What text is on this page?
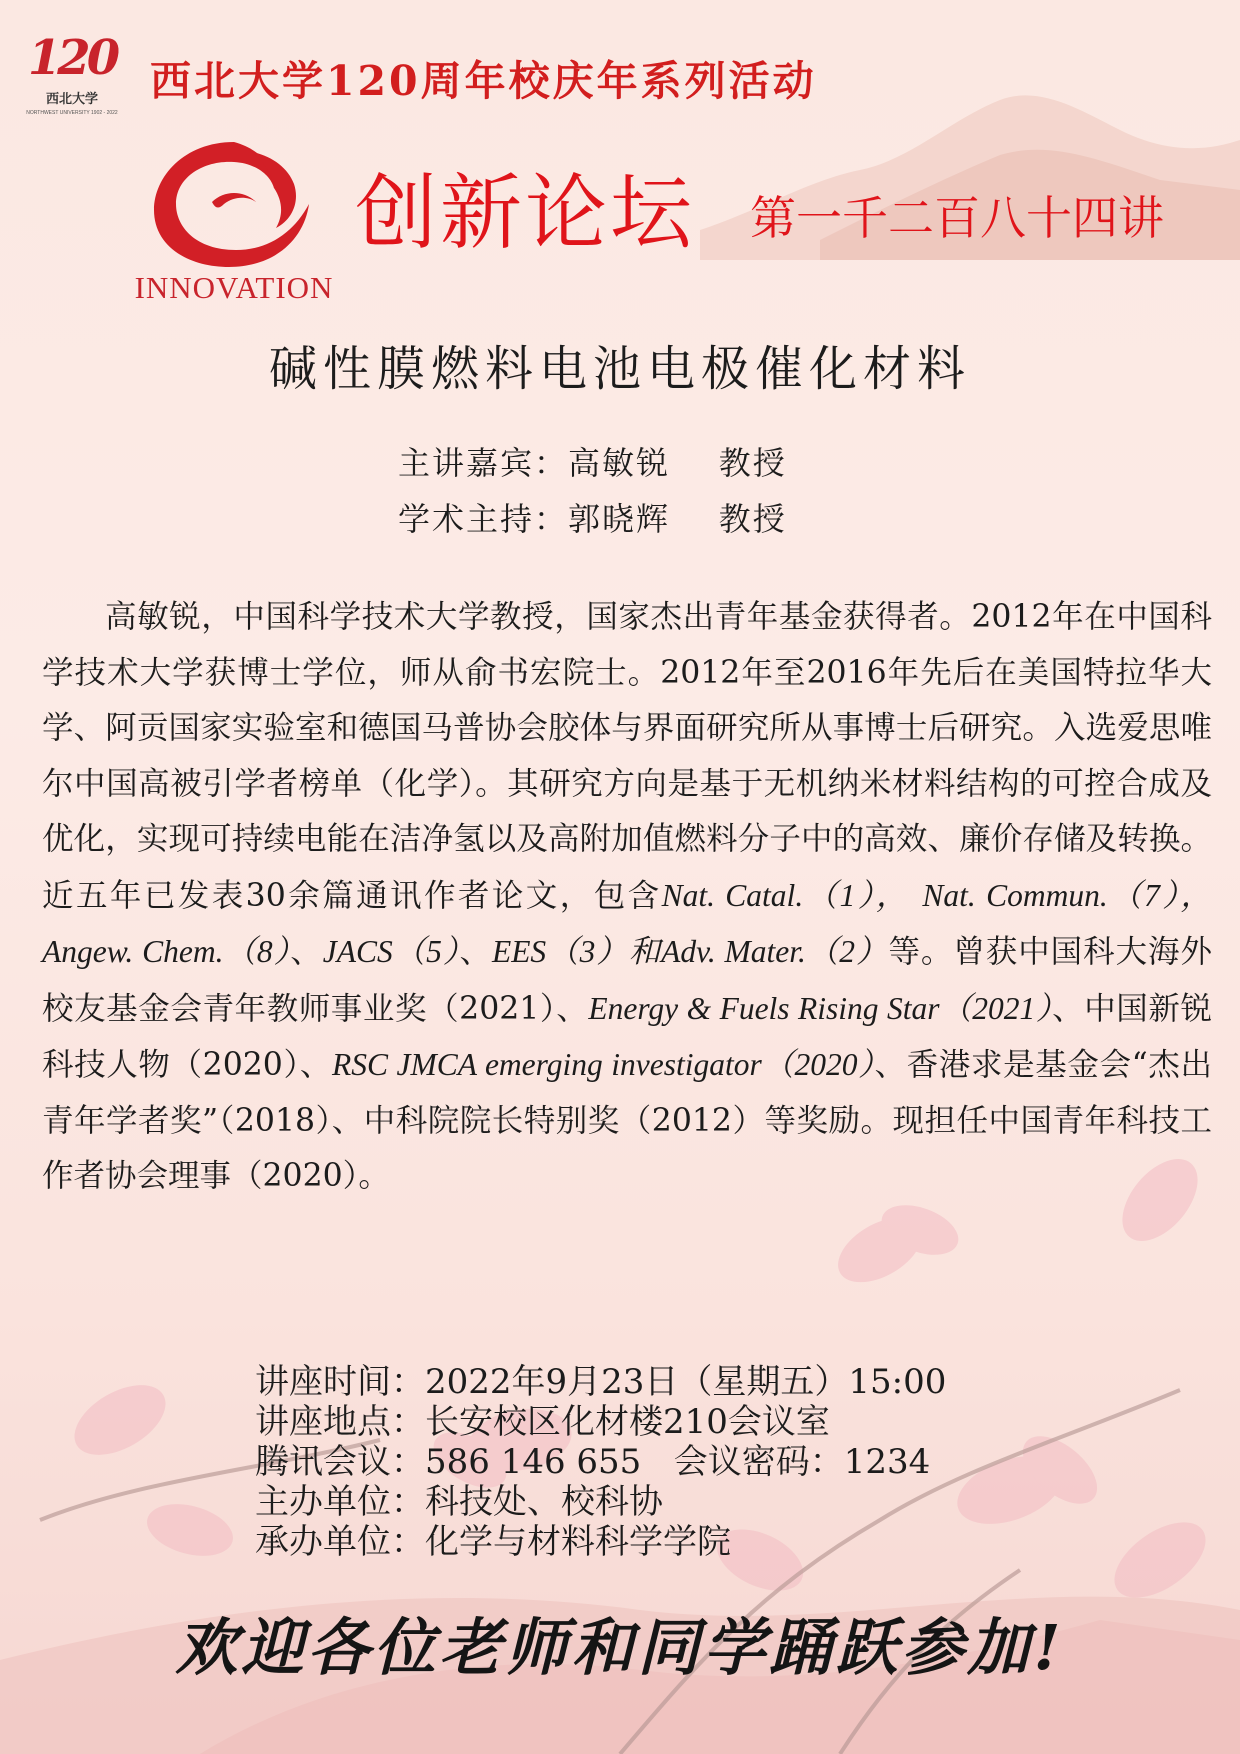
120
西北大学
NORTHWEST UNIVERSITY 1902 - 2022
西北大学120周年校庆年系列活动
INNOVATION
创新论坛 第一千二百八十四讲
碱性膜燃料电池电极催化材料
主讲嘉宾：高敏锐 教授
学术主持：郭晓辉 教授

高敏锐，中国科学技术大学教授，国家杰出青年基金获得者。2012年在中国科学技术大学获博士学位，师从俞书宏院士。2012年至2016年先后在美国特拉华大学、阿贡国家实验室和德国马普协会胶体与界面研究所从事博士后研究。入选爱思唯尔中国高被引学者榜单（化学）。其研究方向是基于无机纳米材料结构的可控合成及优化，实现可持续电能在洁净氢以及高附加值燃料分子中的高效、廉价存储及转换。近五年已发表30余篇通讯作者论文，包含Nat. Catal.（1）， Nat. Commun.（7）， Angew. Chem.（8）、JACS（5）、EES（3）和Adv. Mater.（2）等。曾获中国科大海外校友基金会青年教师事业奖（2021）、Energy & Fuels Rising Star（2021）、中国新锐科技人物（2020）、RSC JMCA emerging investigator（2020）、香港求是基金会“杰出青年学者奖”（2018）、中科院院长特别奖（2012）等奖励。现担任中国青年科技工作者协会理事（2020）。

讲座时间：2022年9月23日（星期五）15:00
讲座地点：长安校区化材楼210会议室
腾讯会议：586 146 655   会议密码：1234
主办单位：科技处、校科协
承办单位：化学与材料科学学院
欢迎各位老师和同学踊跃参加!
